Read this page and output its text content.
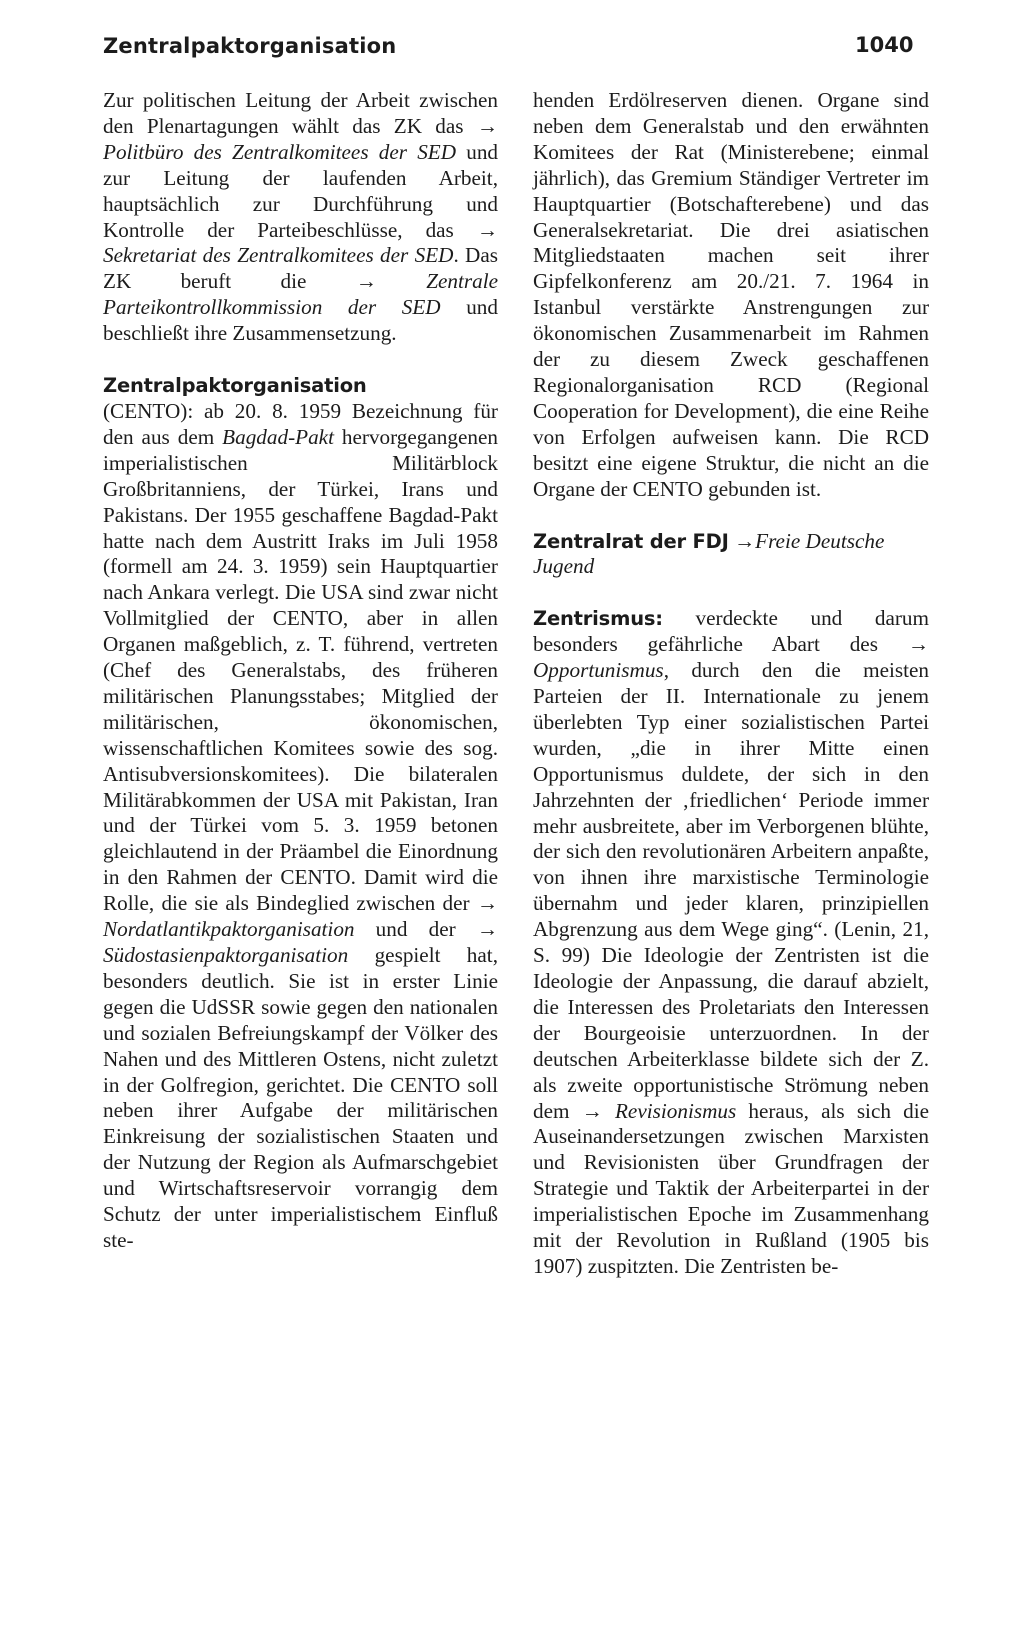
Zentralpaktorganisation	1040

Zur politischen Leitung der Arbeit zwischen den Plenartagungen wählt das ZK das → Politbüro des Zentralkomitees der SED und zur Leitung der laufenden Arbeit, hauptsächlich zur Durchführung und Kontrolle der Parteibeschlüsse, das → Sekretariat des Zentralkomitees der SED. Das ZK beruft die → Zentrale Parteikontrollkommission der SED und beschließt ihre Zusammensetzung.

Zentralpaktorganisation
(CENTO): ab 20. 8. 1959 Bezeichnung für den aus dem Bagdad-Pakt hervorgegangenen imperialistischen Militärblock Großbritanniens, der Türkei, Irans und Pakistans. Der 1955 geschaffene Bagdad-Pakt hatte nach dem Austritt Iraks im Juli 1958 (formell am 24. 3. 1959) sein Hauptquartier nach Ankara verlegt. Die USA sind zwar nicht Vollmitglied der CENTO, aber in allen Organen maßgeblich, z. T. führend, vertreten (Chef des Generalstabs, des früheren militärischen Planungsstabes; Mitglied der militärischen, ökonomischen, wissenschaftlichen Komitees sowie des sog. Antisubversionskomitees). Die bilateralen Militärabkommen der USA mit Pakistan, Iran und der Türkei vom 5. 3. 1959 betonen gleichlautend in der Präambel die Einordnung in den Rahmen der CENTO. Damit wird die Rolle, die sie als Bindeglied zwischen der → Nordatlantikpaktorganisation und der → Südostasienpaktorganisation gespielt hat, besonders deutlich. Sie ist in erster Linie gegen die UdSSR sowie gegen den nationalen und sozialen Befreiungskampf der Völker des Nahen und des Mittleren Ostens, nicht zuletzt in der Golfregion, gerichtet. Die CENTO soll neben ihrer Aufgabe der militärischen Einkreisung der sozialistischen Staaten und der Nutzung der Region als Aufmarschgebiet und Wirtschaftsreservoir vorrangig dem Schutz der unter imperialistischem Einfluß ste-

henden Erdölreserven dienen. Organe sind neben dem Generalstab und den erwähnten Komitees der Rat (Ministerebene; einmal jährlich), das Gremium Ständiger Vertreter im Hauptquartier (Botschafterebene) und das Generalsekretariat. Die drei asiatischen Mitgliedstaaten machen seit ihrer Gipfelkonferenz am 20./21. 7. 1964 in Istanbul verstärkte Anstrengungen zur ökonomischen Zusammenarbeit im Rahmen der zu diesem Zweck geschaffenen Regionalorganisation RCD (Regional Cooperation for Development), die eine Reihe von Erfolgen aufweisen kann. Die RCD besitzt eine eigene Struktur, die nicht an die Organe der CENTO gebunden ist.

Zentralrat der FDJ →Freie Deutsche Jugend

Zentrismus: verdeckte und darum besonders gefährliche Abart des → Opportunismus, durch den die meisten Parteien der II. Internationale zu jenem überlebten Typ einer sozialistischen Partei wurden, „die in ihrer Mitte einen Opportunismus duldete, der sich in den Jahrzehnten der ‚friedlichen‘ Periode immer mehr ausbreitete, aber im Verborgenen blühte, der sich den revolutionären Arbeitern anpaßte, von ihnen ihre marxistische Terminologie übernahm und jeder klaren, prinzipiellen Abgrenzung aus dem Wege ging“. (Lenin, 21, S. 99) Die Ideologie der Zentristen ist die Ideologie der Anpassung, die darauf abzielt, die Interessen des Proletariats den Interessen der Bourgeoisie unterzuordnen. In der deutschen Arbeiterklasse bildete sich der Z. als zweite opportunistische Strömung neben dem → Revisionismus heraus, als sich die Auseinandersetzungen zwischen Marxisten und Revisionisten über Grundfragen der Strategie und Taktik der Arbeiterpartei in der imperialistischen Epoche im Zusammenhang mit der Revolution in Rußland (1905 bis 1907) zuspitzten. Die Zentristen be-
